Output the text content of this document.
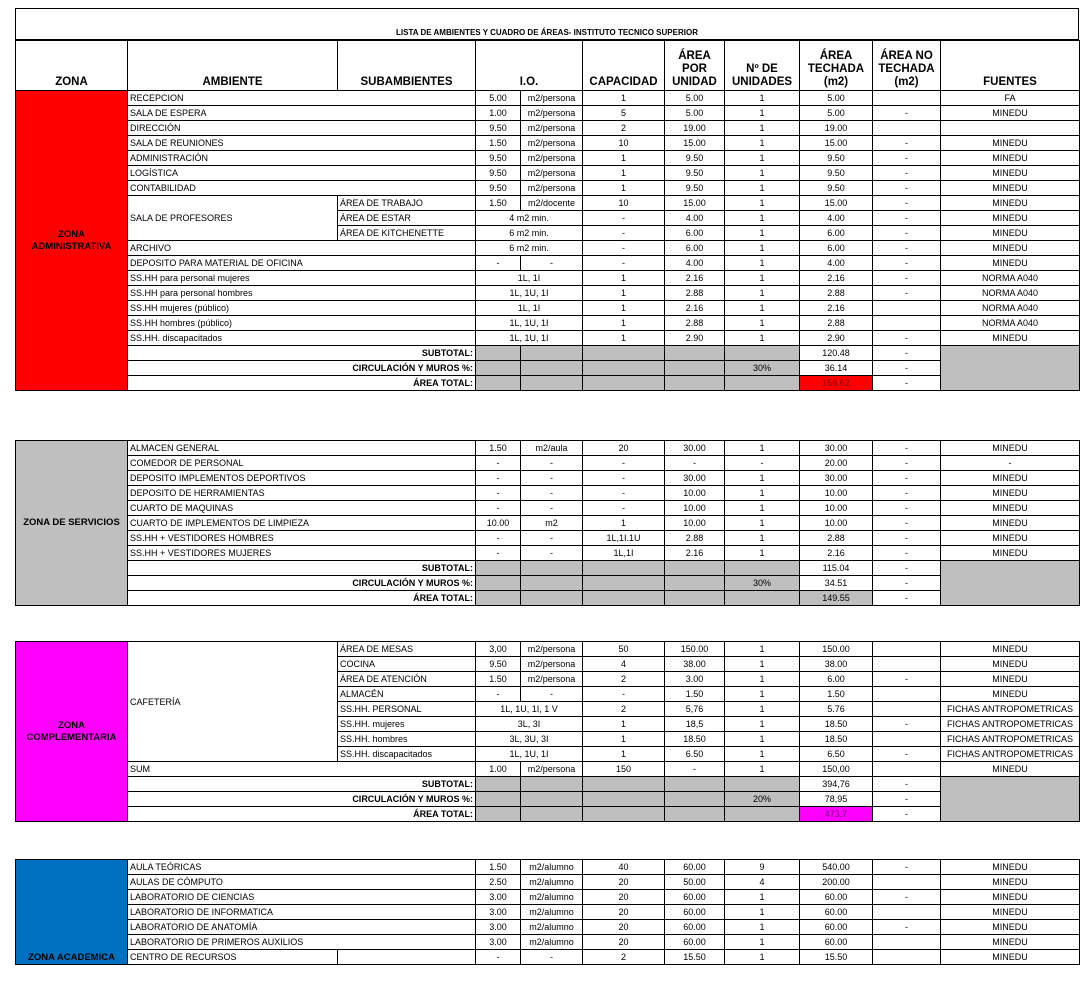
LISTA DE AMBIENTES Y CUADRO DE ÁREAS- INSTITUTO TECNICO SUPERIOR
ZONA	AMBIENTE	SUBAMBIENTES	I.O.		CAPACIDAD	ÁREA POR UNIDAD	Nº DE UNIDADES	ÁREA TECHADA (m2)	ÁREA NO TECHADA (m2)	FUENTES
ZONA ADMINISTRATIVA	RECEPCION		5.00	m2/persona	1	5.00	1	5.00		FA
	SALA DE ESPERA		1.00	m2/persona	5	5.00	1	5.00	-	MINEDU
	DIRECCIÓN		9.50	m2/persona	2	19.00	1	19.00		
	SALA DE REUNIONES		1.50	m2/persona	10	15.00	1	15.00	-	MINEDU
	ADMINISTRACIÓN		9.50	m2/persona	1	9.50	1	9.50	-	MINEDU
	LOGÍSTICA		9.50	m2/persona	1	9.50	1	9.50	-	MINEDU
	CONTABILIDAD		9.50	m2/persona	1	9.50	1	9.50	-	MINEDU
	SALA DE PROFESORES	ÁREA DE TRABAJO	1.50	m2/docente	10	15.00	1	15.00	-	MINEDU
		ÁREA DE ESTAR	4 m2 min.		-	4.00	1	4.00	-	MINEDU
		ÁREA DE KITCHENETTE	6 m2 min.		-	6.00	1	6.00	-	MINEDU
	ARCHIVO		6 m2 min.		-	6.00	1	6.00	-	MINEDU
	DEPOSITO PARA MATERIAL DE OFICINA		-	-	-	4.00	1	4.00	-	MINEDU
	SS.HH para personal mujeres		1L, 1I		1	2.16	1	2.16	-	NORMA A040
	SS.HH para personal hombres		1L, 1U, 1I		1	2.88	1	2.88	-	NORMA A040
	SS.HH mujeres (público)		1L, 1I		1	2.16	1	2.16		NORMA A040
	SS.HH hombres (público)		1L, 1U, 1I		1	2.88	1	2.88		NORMA A040
	SS.HH. discapacitados		1L, 1U, 1I		1	2.90	1	2.90	-	MINEDU
	SUBTOTAL:							120.48	-	
	CIRCULACIÓN Y MUROS %:						30%	36.14	-	
	ÁREA TOTAL:							156.62	-	
ZONA DE SERVICIOS	ALMACEN GENERAL	1.50	m2/aula	20	30.00	1	30.00	-	MINEDU
	COMEDOR DE PERSONAL	-	-	-	-	-	20.00	-	-
	DEPOSITO IMPLEMENTOS DEPORTIVOS	-	-	-	30.00	1	30.00	-	MINEDU
	DEPOSITO DE HERRAMIENTAS	-	-	-	10.00	1	10.00	-	MINEDU
	CUARTO DE MAQUINAS	-	-	-	10.00	1	10.00	-	MINEDU
	CUARTO DE IMPLEMENTOS DE LIMPIEZA	10.00	m2	1	10.00	1	10.00	-	MINEDU
	SS.HH + VESTIDORES HOMBRES	-	-	1L,1I.1U	2.88	1	2.88	-	MINEDU
	SS.HH + VESTIDORES MUJERES	-	-	1L,1I	2.16	1	2.16	-	MINEDU
	SUBTOTAL:						115.04	-	
	CIRCULACIÓN Y MUROS %:					30%	34.51	-	
	ÁREA TOTAL:						149.55	-	
ZONA COMPLEMENTARIA	CAFETERÍA	ÁREA DE MESAS	3,00	m2/persona	50	150.00	1	150.00		MINEDU
		COCINA	9.50	m2/persona	4	38.00	1	38.00		MINEDU
		ÁREA DE ATENCIÓN	1.50	m2/persona	2	3.00	1	6.00	-	MINEDU
		ALMACÉN	-	-	-	1.50	1	1.50		MINEDU
		SS.HH. PERSONAL	1L, 1U, 1I, 1 V		2	5,76	1	5.76		FICHAS ANTROPOMETRICAS
		SS.HH. mujeres	3L, 3I		1	18,5	1	18.50	-	FICHAS ANTROPOMETRICAS
		SS.HH. hombres	3L, 3U, 3I		1	18.50	1	18.50		FICHAS ANTROPOMETRICAS
		SS.HH. discapacitados	1L, 1U, 1I		1	6.50	1	6.50	-	FICHAS ANTROPOMETRICAS
	SUM		1.00	m2/persona	150	-	1	150,00		MINEDU
	SUBTOTAL:							394,76	-	
	CIRCULACIÓN Y MUROS %:						20%	78,95	-	
	ÁREA TOTAL:							473,7	-	
ZONA ACADEMICA	AULA TEÓRICAS		1.50	m2/alumno	40	60.00	9	540.00	-	MINEDU
	AULAS DE CÓMPUTO		2.50	m2/alumno	20	50.00	4	200.00		MINEDU
	LABORATORIO DE CIENCIAS		3.00	m2/alumno	20	60.00	1	60.00	-	MINEDU
	LABORATORIO DE INFORMATICA		3.00	m2/alumno	20	60.00	1	60.00		MINEDU
	LABORATORIO DE ANATOMÍA		3.00	m2/alumno	20	60.00	1	60.00	-	MINEDU
	LABORATORIO DE PRIMEROS AUXILIOS		3.00	m2/alumno	20	60.00	1	60.00		MINEDU
	CENTRO DE RECURSOS		-	-	2	15.50	1	15.50		MINEDU
